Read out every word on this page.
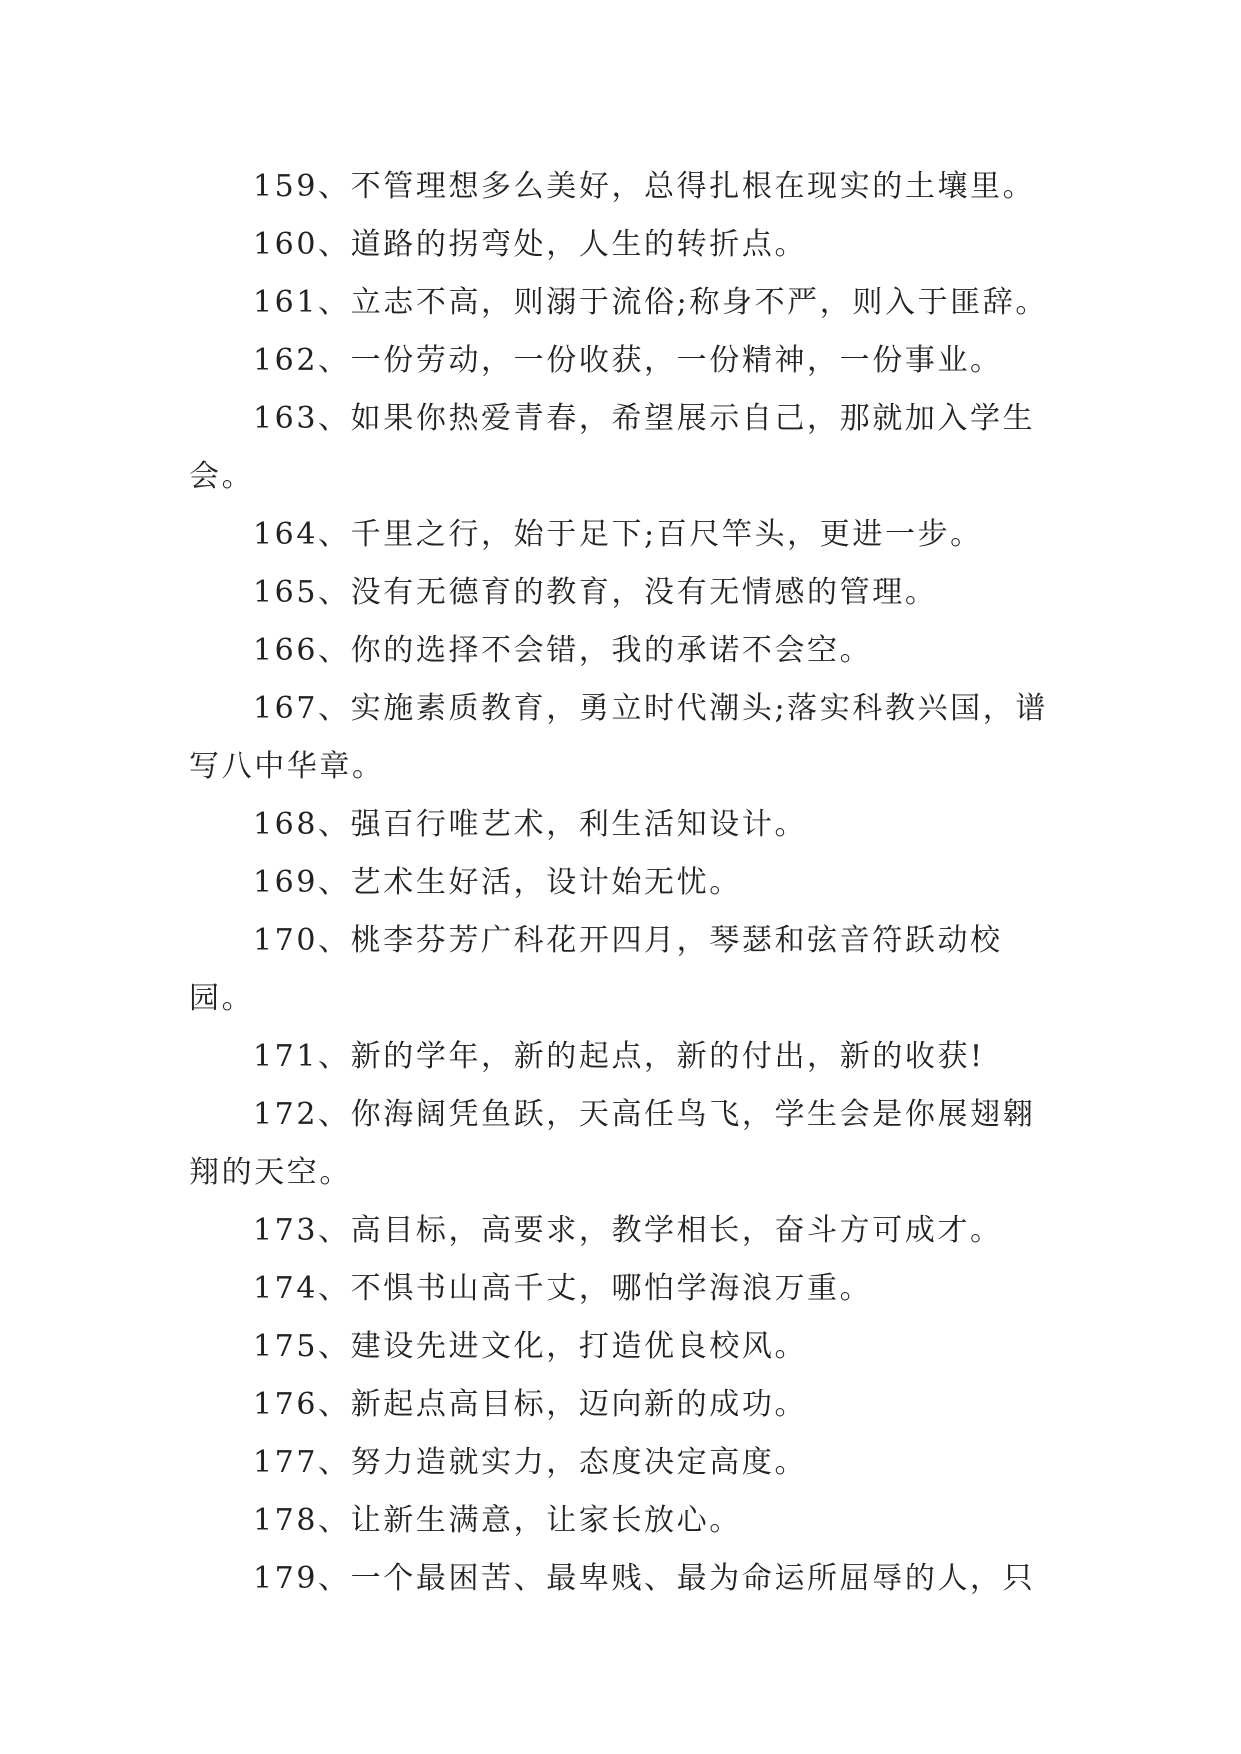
159、不管理想多么美好，总得扎根在现实的土壤里。

160、道路的拐弯处，人生的转折点。

161、立志不高，则溺于流俗;称身不严，则入于匪辞。

162、一份劳动，一份收获，一份精神，一份事业。

163、如果你热爱青春，希望展示自己，那就加入学生会。

164、千里之行，始于足下;百尺竿头，更进一步。

165、没有无德育的教育，没有无情感的管理。

166、你的选择不会错，我的承诺不会空。

167、实施素质教育，勇立时代潮头;落实科教兴国，谱写八中华章。

168、强百行唯艺术，利生活知设计。

169、艺术生好活，设计始无忧。

170、桃李芬芳广科花开四月，琴瑟和弦音符跃动校园。

171、新的学年，新的起点，新的付出，新的收获!

172、你海阔凭鱼跃，天高任鸟飞，学生会是你展翅翱翔的天空。

173、高目标，高要求，教学相长，奋斗方可成才。

174、不惧书山高千丈，哪怕学海浪万重。

175、建设先进文化，打造优良校风。

176、新起点高目标，迈向新的成功。

177、努力造就实力，态度决定高度。

178、让新生满意，让家长放心。

179、一个最困苦、最卑贱、最为命运所屈辱的人，只
